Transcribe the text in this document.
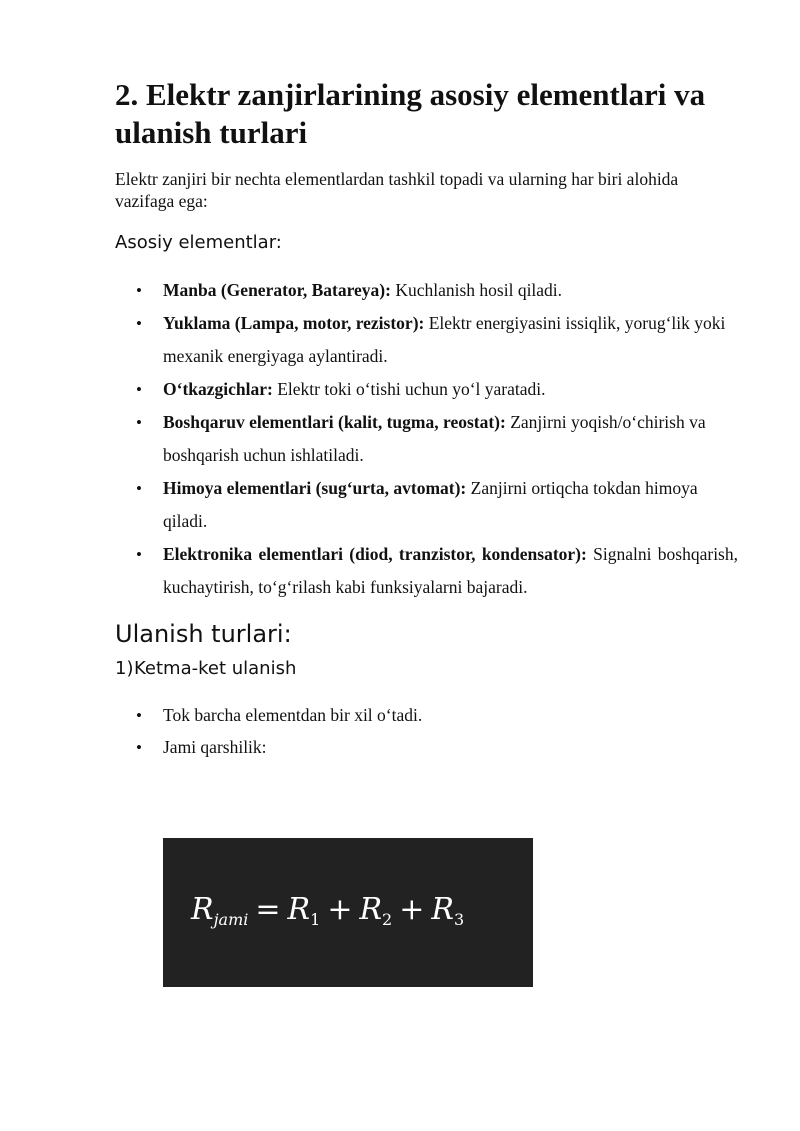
2. Elektr zanjirlarining asosiy elementlari va ulanish turlari

Elektr zanjiri bir nechta elementlardan tashkil topadi va ularning har biri alohida vazifaga ega:

Asosiy elementlar:

• Manba (Generator, Batareya): Kuchlanish hosil qiladi.
• Yuklama (Lampa, motor, rezistor): Elektr energiyasini issiqlik, yorug‘lik yoki mexanik energiyaga aylantiradi.
• O‘tkazgichlar: Elektr toki o‘tishi uchun yo‘l yaratadi.
• Boshqaruv elementlari (kalit, tugma, reostat): Zanjirni yoqish/o‘chirish va boshqarish uchun ishlatiladi.
• Himoya elementlari (sug‘urta, avtomat): Zanjirni ortiqcha tokdan himoya qiladi.
• Elektronika elementlari (diod, tranzistor, kondensator): Signalni boshqarish, kuchaytirish, to‘g‘rilash kabi funksiyalarni bajaradi.
Ulanish turlari:

1)Ketma-ket ulanish

• Tok barcha elementdan bir xil o‘tadi.
• Jami qarshilik:
$R_{jami} = R_1 + R_2 + R_3$
